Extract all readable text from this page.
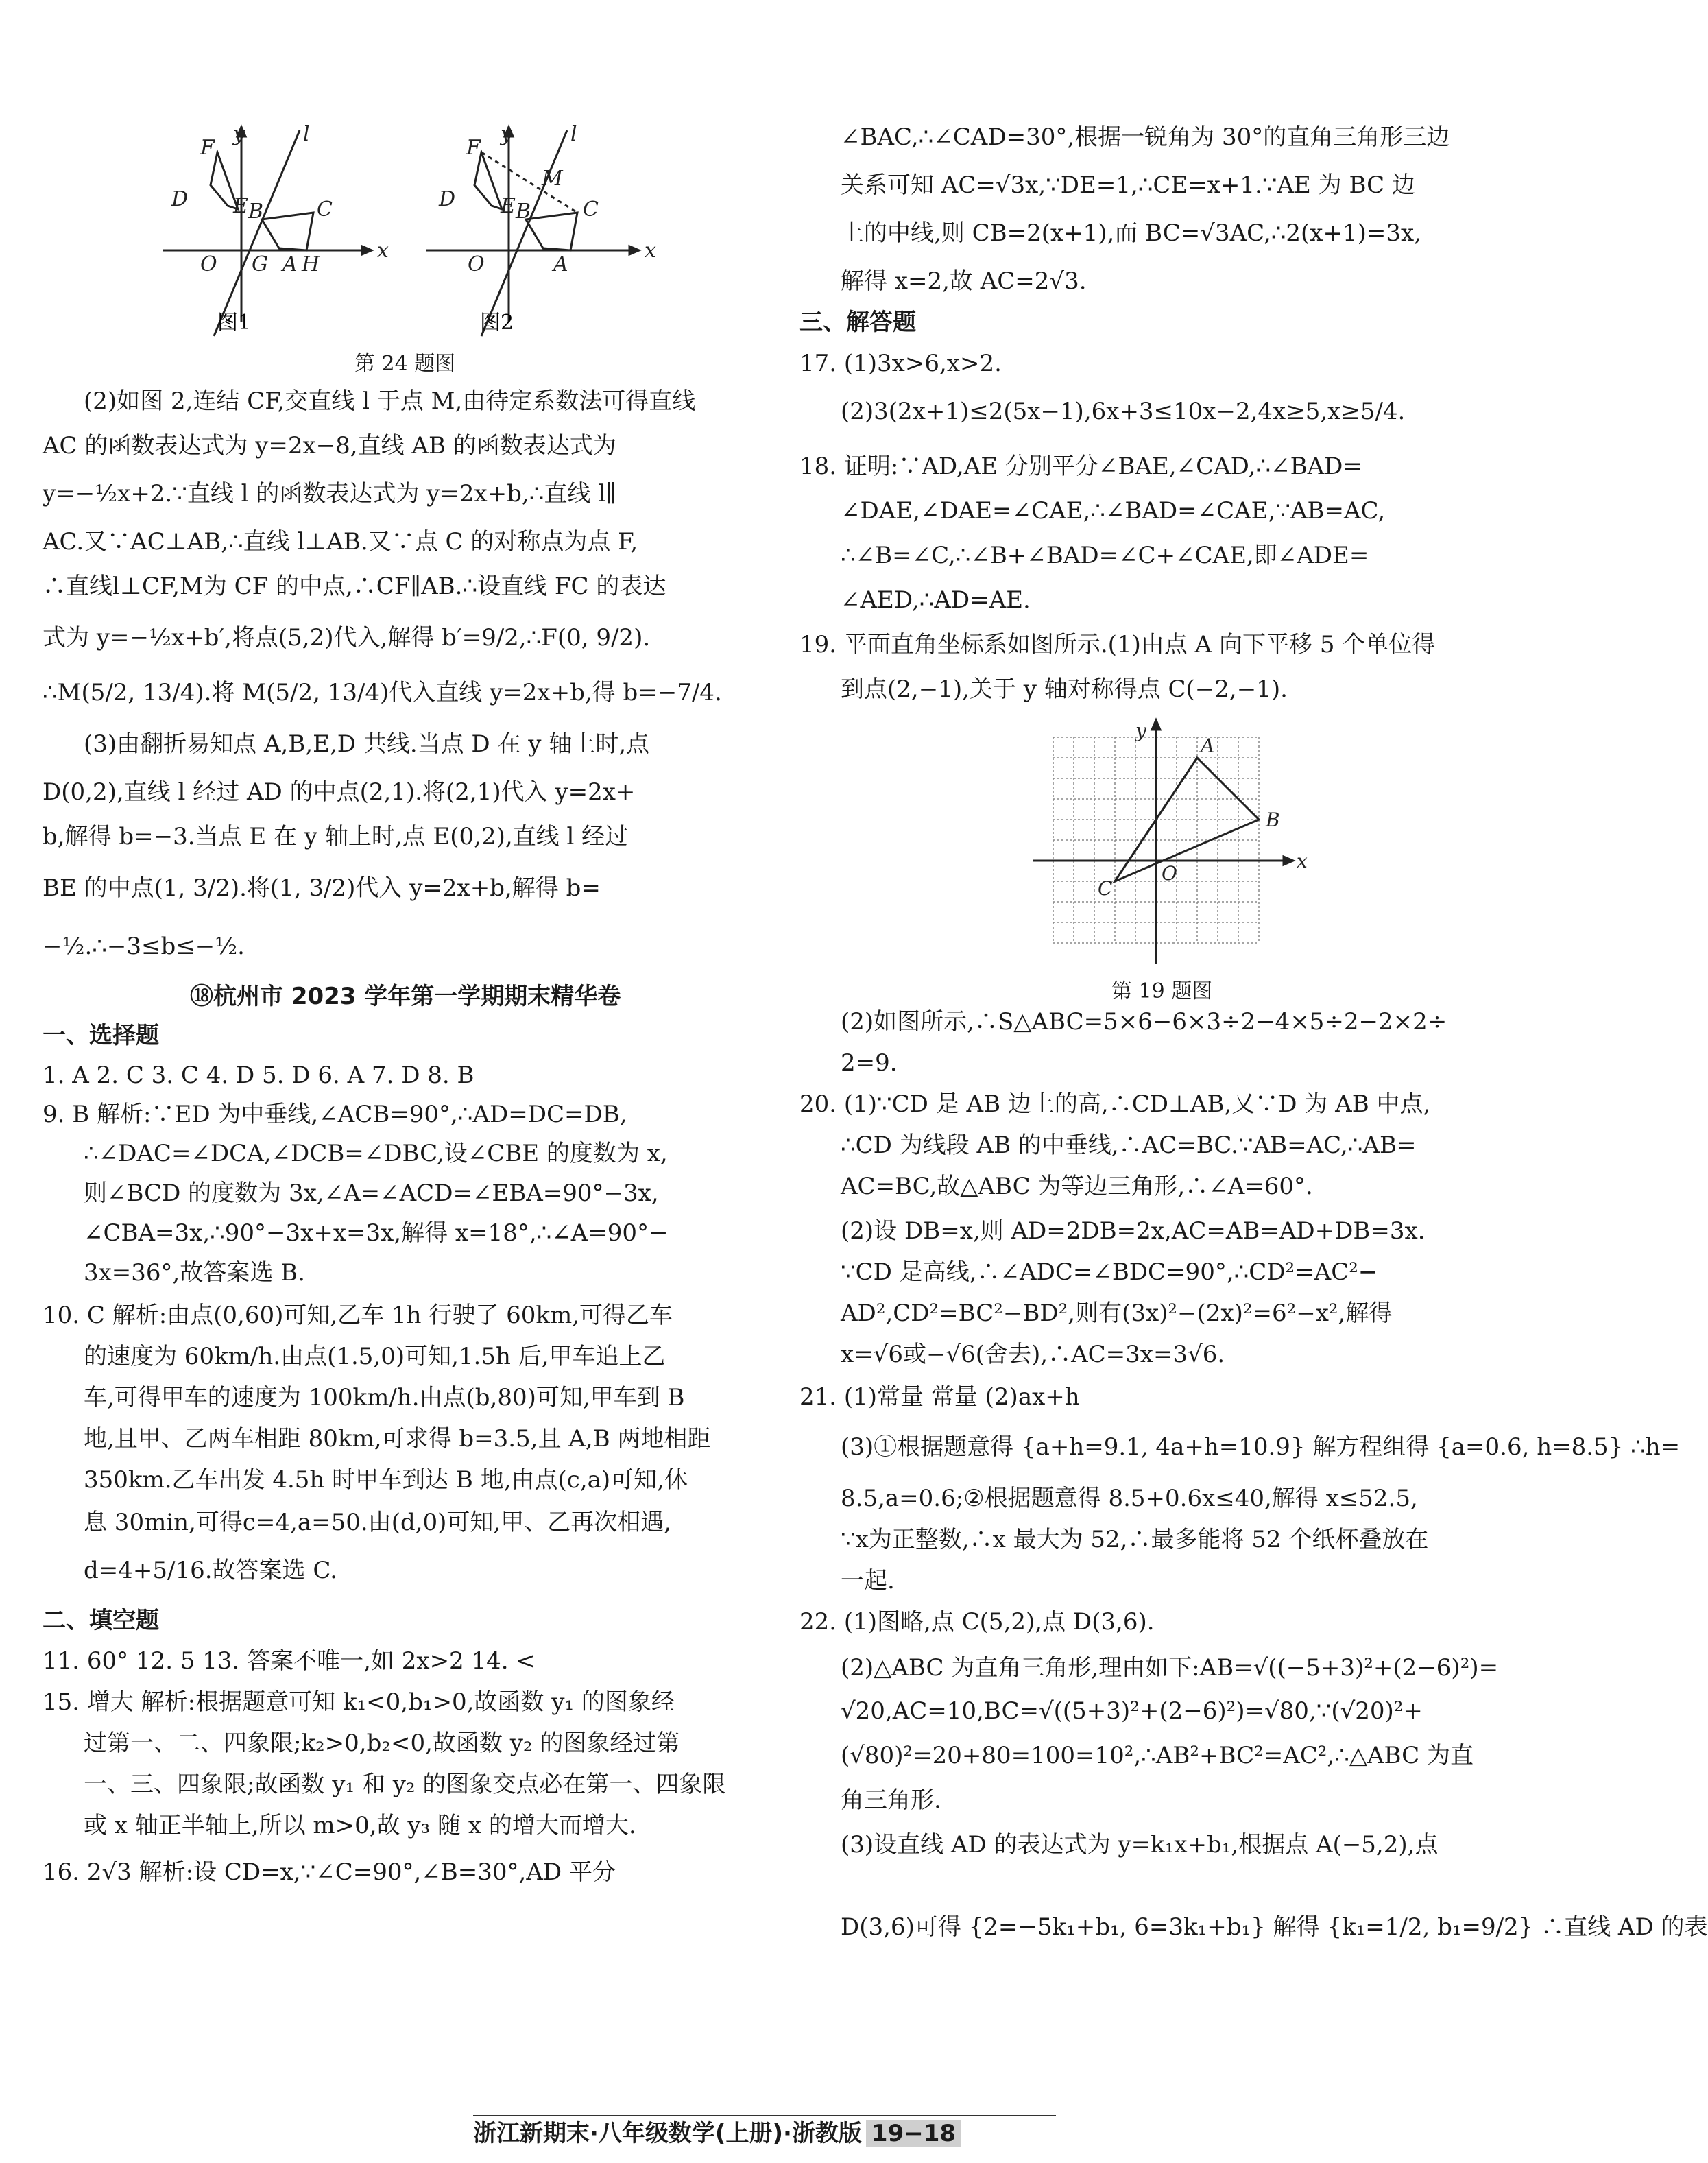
F
y	l
D E B	C
O G A H
x
图1
F
y	l
M
D E B	C
O	A
x
图2
第 24 题图
(2)如图 2,连结 CF,交直线 l 于点 M,由待定系数法可得直线
AC 的函数表达式为 y=2x−8,直线 AB 的函数表达式为
y=−½x+2.∵直线 l 的函数表达式为 y=2x+b,∴直线 l∥
AC.又∵AC⊥AB,∴直线 l⊥AB.又∵点 C 的对称点为点 F,
∴直线l⊥CF,M为 CF 的中点,∴CF∥AB.∴设直线 FC 的表达
式为 y=−½x+b′,将点(5,2)代入,解得 b′=9/2,∴F(0, 9/2).
∴M(5/2, 13/4).将 M(5/2, 13/4)代入直线 y=2x+b,得 b=−7/4.
(3)由翻折易知点 A,B,E,D 共线.当点 D 在 y 轴上时,点
D(0,2),直线 l 经过 AD 的中点(2,1).将(2,1)代入 y=2x+
b,解得 b=−3.当点 E 在 y 轴上时,点 E(0,2),直线 l 经过
BE 的中点(1, 3/2).将(1, 3/2)代入 y=2x+b,解得 b=
−½.∴−3≤b≤−½.
⑱杭州市 2023 学年第一学期期末精华卷
一、选择题
1. A 2. C 3. C 4. D 5. D 6. A 7. D 8. B
9. B 解析:∵ED 为中垂线,∠ACB=90°,∴AD=DC=DB,
∴∠DAC=∠DCA,∠DCB=∠DBC,设∠CBE 的度数为 x,
则∠BCD 的度数为 3x,∠A=∠ACD=∠EBA=90°−3x,
∠CBA=3x,∴90°−3x+x=3x,解得 x=18°,∴∠A=90°−
3x=36°,故答案选 B.
10. C 解析:由点(0,60)可知,乙车 1h 行驶了 60km,可得乙车
的速度为 60km/h.由点(1.5,0)可知,1.5h 后,甲车追上乙
车,可得甲车的速度为 100km/h.由点(b,80)可知,甲车到 B
地,且甲、乙两车相距 80km,可求得 b=3.5,且 A,B 两地相距
350km.乙车出发 4.5h 时甲车到达 B 地,由点(c,a)可知,休
息 30min,可得c=4,a=50.由(d,0)可知,甲、乙再次相遇,
d=4+5/16.故答案选 C.
二、填空题
11. 60° 12. 5 13. 答案不唯一,如 2x>2 14. <
15. 增大 解析:根据题意可知 k₁<0,b₁>0,故函数 y₁ 的图象经
过第一、二、四象限;k₂>0,b₂<0,故函数 y₂ 的图象经过第
一、三、四象限;故函数 y₁ 和 y₂ 的图象交点必在第一、四象限
或 x 轴正半轴上,所以 m>0,故 y₃ 随 x 的增大而增大.
16. 2√3 解析:设 CD=x,∵∠C=90°,∠B=30°,AD 平分
∠BAC,∴∠CAD=30°,根据一锐角为 30°的直角三角形三边
关系可知 AC=√3x,∵DE=1,∴CE=x+1.∵AE 为 BC 边
上的中线,则 CB=2(x+1),而 BC=√3AC,∴2(x+1)=3x,
解得 x=2,故 AC=2√3.
三、解答题
17. (1)3x>6,x>2.
(2)3(2x+1)≤2(5x−1),6x+3≤10x−2,4x≥5,x≥5/4.
18. 证明:∵AD,AE 分别平分∠BAE,∠CAD,∴∠BAD=
∠DAE,∠DAE=∠CAE,∴∠BAD=∠CAE,∵AB=AC,
∴∠B=∠C,∴∠B+∠BAD=∠C+∠CAE,即∠ADE=
∠AED,∴AD=AE.
19. 平面直角坐标系如图所示.(1)由点 A 向下平移 5 个单位得
到点(2,−1),关于 y 轴对称得点 C(−2,−1).
y
A
B
x
O
C
第 19 题图
(2)如图所示,∴S△ABC=5×6−6×3÷2−4×5÷2−2×2÷
2=9.
20. (1)∵CD 是 AB 边上的高,∴CD⊥AB,又∵D 为 AB 中点,
∴CD 为线段 AB 的中垂线,∴AC=BC.∵AB=AC,∴AB=
AC=BC,故△ABC 为等边三角形,∴∠A=60°.
(2)设 DB=x,则 AD=2DB=2x,AC=AB=AD+DB=3x.
∵CD 是高线,∴∠ADC=∠BDC=90°,∴CD²=AC²−
AD²,CD²=BC²−BD²,则有(3x)²−(2x)²=6²−x²,解得
x=√6或−√6(舍去),∴AC=3x=3√6.
21. (1)常量 常量 (2)ax+h
(3)①根据题意得 {a+h=9.1, 4a+h=10.9} 解方程组得 {a=0.6, h=8.5} ∴h=
8.5,a=0.6;②根据题意得 8.5+0.6x≤40,解得 x≤52.5,
∵x为正整数,∴x 最大为 52,∴最多能将 52 个纸杯叠放在
一起.
22. (1)图略,点 C(5,2),点 D(3,6).
(2)△ABC 为直角三角形,理由如下:AB=√((−5+3)²+(2−6)²)=
√20,AC=10,BC=√((5+3)²+(2−6)²)=√80,∵(√20)²+
(√80)²=20+80=100=10²,∴AB²+BC²=AC²,∴△ABC 为直
角三角形.
(3)设直线 AD 的表达式为 y=k₁x+b₁,根据点 A(−5,2),点
D(3,6)可得 {2=−5k₁+b₁, 6=3k₁+b₁} 解得 {k₁=1/2, b₁=9/2} ∴直线 AD 的表
浙江新期末·八年级数学(上册)·浙教版 19−18
